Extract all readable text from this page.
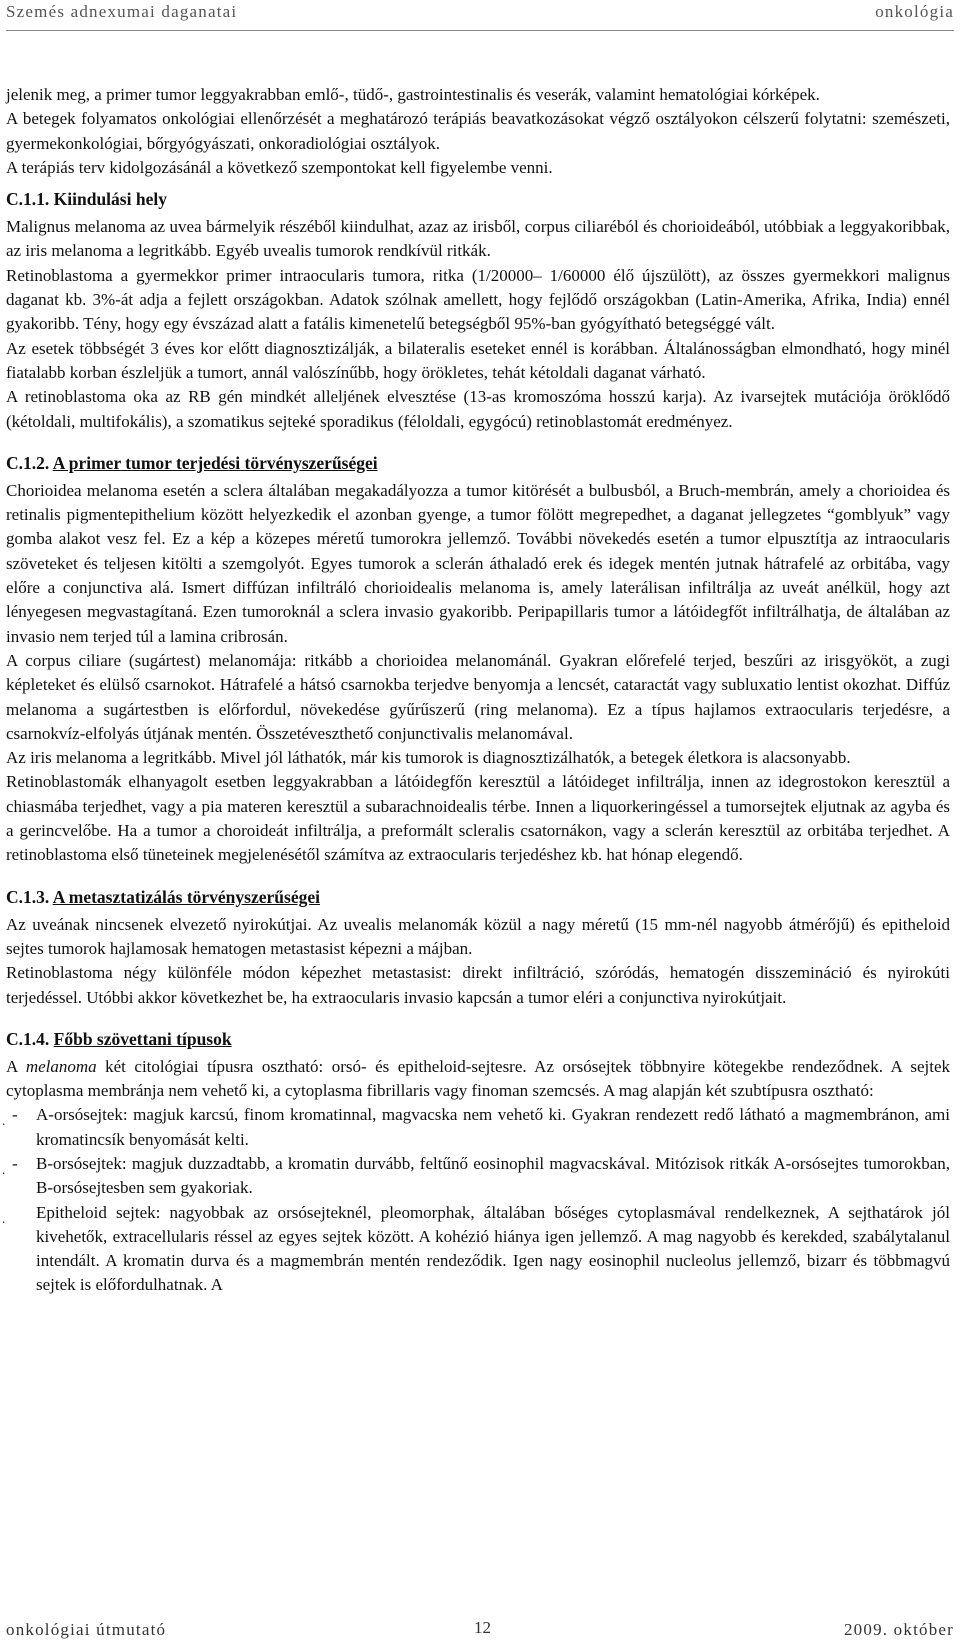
Szemés adnexumai daganatai	onkológia

jelenik meg, a primer tumor leggyakrabban emlő-, tüdő-, gastrointestinalis és veserák, valamint hematológiai kórképek.

A betegek folyamatos onkológiai ellenőrzését a meghatározó terápiás beavatkozásokat végző osztályokon célszerű folytatni: szemészeti, gyermekonkológiai, bőrgyógyászati, onkoradiológiai osztályok.

A terápiás terv kidolgozásánál a következő szempontokat kell figyelembe venni.

C.1.1. Kiindulási hely

Malignus melanoma az uvea bármelyik részéből kiindulhat, azaz az irisből, corpus ciliaréból és chorioideából, utóbbiak a leggyakoribbak, az iris melanoma a legritkább. Egyéb uvealis tumorok rendkívül ritkák.

Retinoblastoma a gyermekkor primer intraocularis tumora, ritka (1/20000– 1/60000 élő újszülött), az összes gyermekkori malignus daganat kb. 3%-át adja a fejlett országokban. Adatok szólnak amellett, hogy fejlődő országokban (Latin-Amerika, Afrika, India) ennél gyakoribb. Tény, hogy egy évszázad alatt a fatális kimenetelű betegségből 95%-ban gyógyítható betegséggé vált.

Az esetek többségét 3 éves kor előtt diagnosztizálják, a bilateralis eseteket ennél is korábban. Általánosságban elmondható, hogy minél fiatalabb korban észleljük a tumort, annál valószínűbb, hogy örökletes, tehát kétoldali daganat várható.

A retinoblastoma oka az RB gén mindkét alleljének elvesztése (13-as kromoszóma hosszú karja). Az ivarsejtek mutációja öröklődő (kétoldali, multifokális), a szomatikus sejteké sporadikus (féloldali, egygócú) retinoblastomát eredményez.

C.1.2. A primer tumor terjedési törvényszerűségei

Chorioidea melanoma esetén a sclera általában megakadályozza a tumor kitörését a bulbusból, a Bruch-membrán, amely a chorioidea és retinalis pigmentepithelium között helyezkedik el azonban gyenge, a tumor fölött megrepedhet, a daganat jellegzetes “gomblyuk” vagy gomba alakot vesz fel. Ez a kép a közepes méretű tumorokra jellemző. További növekedés esetén a tumor elpusztítja az intraocularis szöveteket és teljesen kitölti a szemgolyót. Egyes tumorok a sclerán áthaladó erek és idegek mentén jutnak hátrafelé az orbitába, vagy előre a conjunctiva alá. Ismert diffúzan infiltráló chorioidealis melanoma is, amely laterálisan infiltrálja az uveát anélkül, hogy azt lényegesen megvastagítaná. Ezen tumoroknál a sclera invasio gyakoribb. Peripapillaris tumor a látóidegfőt infiltrálhatja, de általában az invasio nem terjed túl a lamina cribrosán.

A corpus ciliare (sugártest) melanomája: ritkább a chorioidea melanománál. Gyakran előrefelé terjed, beszűri az irisgyököt, a zugi képleteket és elülső csarnokot. Hátrafelé a hátsó csarnokba terjedve benyomja a lencsét, cataractát vagy subluxatio lentist okozhat. Diffúz melanoma a sugártestben is előrfordul, növekedése gyűrűszerű (ring melanoma). Ez a típus hajlamos extraocularis terjedésre, a csarnokvíz-elfolyás útjának mentén. Összetéveszthető conjunctivalis melanomával.

Az iris melanoma a legritkább. Mivel jól láthatók, már kis tumorok is diagnosztizálhatók, a betegek életkora is alacsonyabb.

Retinoblastomák elhanyagolt esetben leggyakrabban a látóidegfőn keresztül a látóideget infiltrálja, innen az idegrostokon keresztül a chiasmába terjedhet, vagy a pia materen keresztül a subarachnoidealis térbe. Innen a liquorkeringéssel a tumorsejtek eljutnak az agyba és a gerincvelőbe. Ha a tumor a choroideát infiltrálja, a preformált scleralis csatornákon, vagy a sclerán keresztül az orbitába terjedhet. A retinoblastoma első tüneteinek megjelenésétől számítva az extraocularis terjedéshez kb. hat hónap elegendő.

C.1.3. A metasztatizálás törvényszerűségei

Az uveának nincsenek elvezető nyirokútjai. Az uvealis melanomák közül a nagy méretű (15 mm-nél nagyobb átmérőjű) és epitheloid sejtes tumorok hajlamosak hematogen metastasist képezni a májban.

Retinoblastoma négy különféle módon képezhet metastasist: direkt infiltráció, szóródás, hematogén disszemináció és nyirokúti terjedéssel. Utóbbi akkor következhet be, ha extraocularis invasio kapcsán a tumor eléri a conjunctiva nyirokútjait.

C.1.4. Főbb szövettani típusok

A melanoma két citológiai típusra osztható: orsó- és epitheloid-sejtesre. Az orsósejtek többnyire kötegekbe rendeződnek. A sejtek cytoplasma membránja nem vehető ki, a cytoplasma fibrillaris vagy finoman szemcsés. A mag alapján két szubtípusra osztható:

. - A-orsósejtek: magjuk karcsú, finom kromatinnal, magvacska nem vehető ki. Gyakran rendezett redő látható a magmembránon, ami kromatincsík benyomását kelti.
. - B-orsósejtek: magjuk duzzadtabb, a kromatin durvább, feltűnő eosinophil magvacskával. Mitózisok ritkák A-orsósejtes tumorokban, B-orsósejtesben sem gyakoriak.
. Epitheloid sejtek: nagyobbak az orsósejteknél, pleomorphak, általában bőséges cytoplasmával rendelkeznek, A sejthatárok jól kivehetők, extracellularis réssel az egyes sejtek között. A kohézió hiánya igen jellemző. A mag nagyobb és kerekded, szabálytalanul intendált. A kromatin durva és a magmembrán mentén rendeződik. Igen nagy eosinophil nucleolus jellemző, bizarr és többmagvú sejtek is előfordulhatnak. A
onkológiai útmutató	12	2009. október
